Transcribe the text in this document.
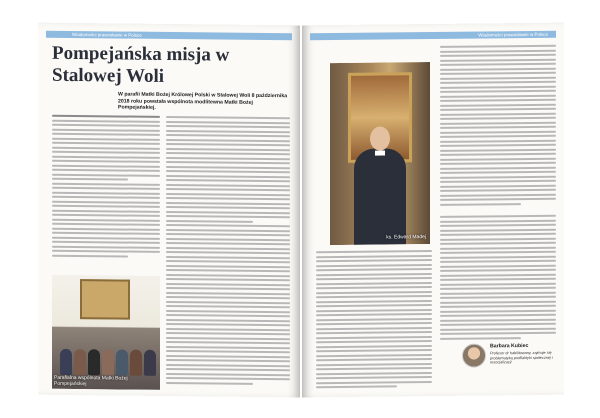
Wiadomości prawosławie w Polsce
Pompejańska misja w Stalowej Woli

W parafii Matki Bożej Królowej Polski w Stalowej Woli 8 października 2018 roku powstała wspólnota modlitewna Matki Bożej Pompejańskiej.

Parafialna wspólnota Matki Bożej Pompejańskiej
Wiadomości prawosławie w Polsce
ks. Edward Madej
Barbara Kubiec
Profesor dr habilitowany, zajmuje się problematyką profilaktyki społecznej i resocjalizacji
